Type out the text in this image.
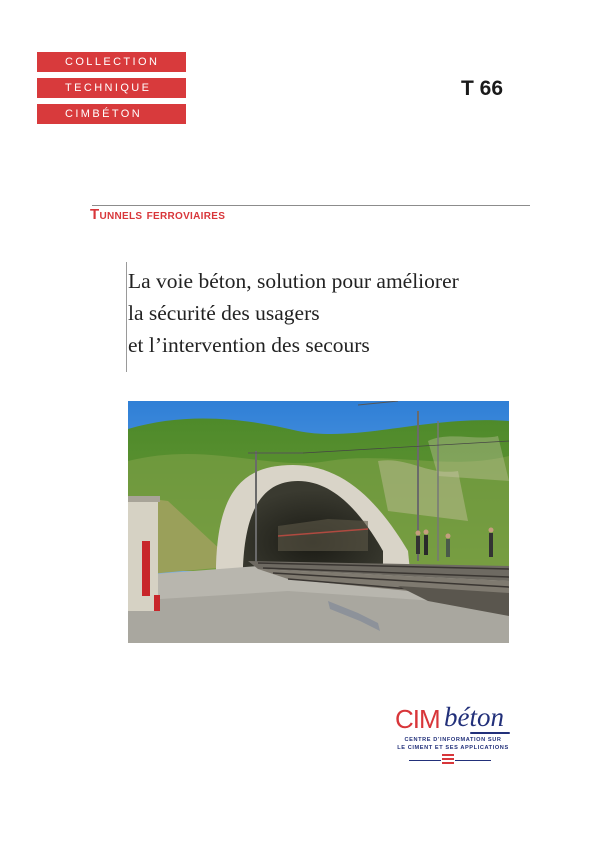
COLLECTION
TECHNIQUE
CIMBÉTON
T 66
Tunnels ferroviaires
La voie béton, solution pour améliorer
la sécurité des usagers
et l’intervention des secours
CIM béton
CENTRE D’INFORMATION SUR
LE CIMENT ET SES APPLICATIONS
